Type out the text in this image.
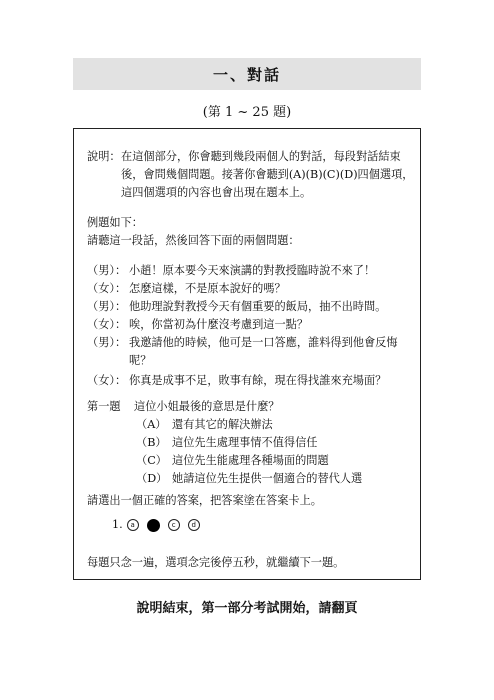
一、對話
(第 1 ~ 25 題)
說明： 在這個部分，你會聽到幾段兩個人的對話，每段對話結束
後，會問幾個問題。接著你會聽到(A)(B)(C)(D)四個選項，
這四個選項的內容也會出現在題本上。
例題如下：
請聽這一段話，然後回答下面的兩個問題：
（男）： 小趙！原本要今天來演講的對教授臨時說不來了！
（女）： 怎麼這樣，不是原本說好的嗎？
（男）： 他助理說對教授今天有個重要的飯局，抽不出時間。
（女）： 唉，你當初為什麼沒考慮到這一點？
（男）： 我邀請他的時候，他可是一口答應，誰料得到他會反悔
呢？
（女）： 你真是成事不足，敗事有餘，現在得找誰來充場面？
第一題 這位小姐最後的意思是什麼？
（A） 還有其它的解決辦法
（B） 這位先生處理事情不值得信任
（C） 這位先生能處理各種場面的問題
（D） 她請這位先生提供一個適合的替代人選
請選出一個正確的答案，把答案塗在答案卡上。
1.	a	c	d
每題只念一遍，選項念完後停五秒，就繼續下一題。
說明結束，第一部分考試開始，請翻頁
